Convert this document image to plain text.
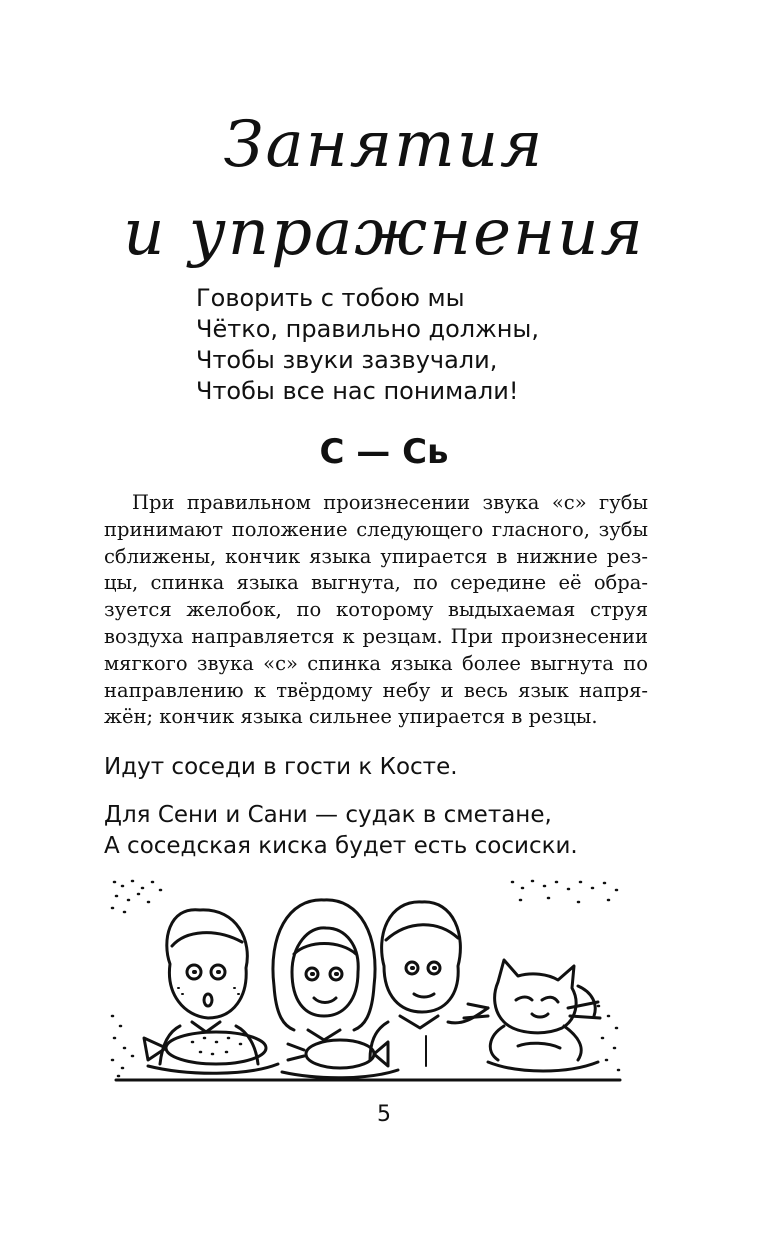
Занятия
и упражнения
Говорить с тобою мы
Чётко, правильно должны,
Чтобы звуки зазвучали,
Чтобы все нас понимали!
С — Сь
При правильном произнесении звука «с» губы
принимают положение следующего гласного, зубы
сближены, кончик языка упирается в нижние рез-
цы, спинка языка выгнута, по середине её обра-
зуется желобок, по которому выдыхаемая струя
воздуха направляется к резцам. При произнесении
мягкого звука «с» спинка языка более выгнута по
направлению к твёрдому небу и весь язык напря-
жён; кончик языка сильнее упирается в резцы.
Идут соседи в гости к Косте.
Для Сени и Сани — судак в сметане,
А соседская киска будет есть сосиски.
5
